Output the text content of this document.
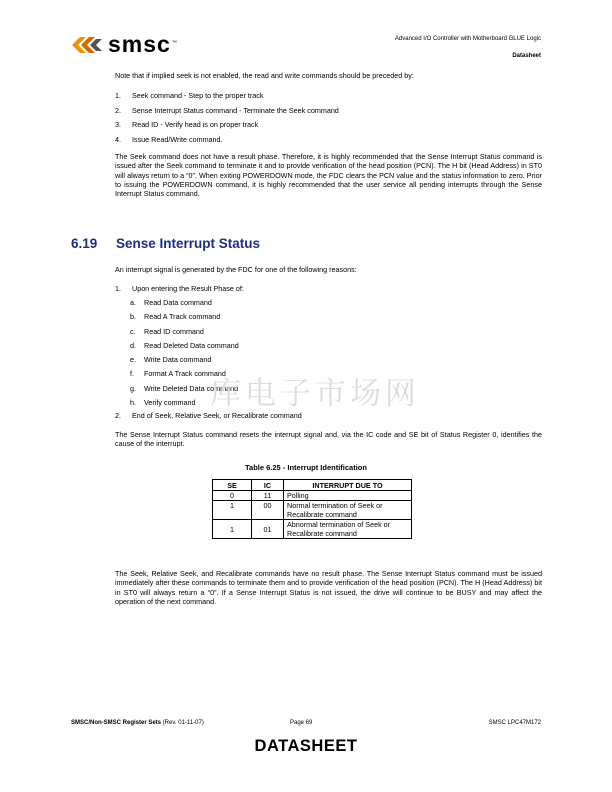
smsc ™
Advanced I/O Controller with Motherboard GLUE Logic
Datasheet
Note that if implied seek is not enabled, the read and write commands should be preceded by:
1.	Seek command - Step to the proper track
2.	Sense Interrupt Status command - Terminate the Seek command
3.	Read ID - Verify head is on proper track
4.	Issue Read/Write command.
The Seek command does not have a result phase. Therefore, it is highly recommended that the Sense Interrupt Status command is issued after the Seek command to terminate it and to provide verification of the head position (PCN). The H bit (Head Address) in ST0 will always return to a “0”. When exiting POWERDOWN mode, the FDC clears the PCN value and the status information to zero. Prior to issuing the POWERDOWN command, it is highly recommended that the user service all pending interrupts through the Sense Interrupt Status command.
6.19	Sense Interrupt Status
An interrupt signal is generated by the FDC for one of the following reasons:
1.	Upon entering the Result Phase of:
a.	Read Data command
b.	Read A Track command
c.	Read ID command
d.	Read Deleted Data command
e.	Write Data command
f.	Format A Track command
g.	Write Deleted Data command
h.	Verify command
2.	End of Seek, Relative Seek, or Recalibrate command
库电子市场网
The Sense Interrupt Status command resets the interrupt signal and, via the IC code and SE bit of Status Register 0, identifies the cause of the interrupt.
Table 6.25 - Interrupt Identification
SE	IC	INTERRUPT DUE TO
0	11	Polling
1	00	Normal termination of Seek or Recalibrate command
1	01	Abnormal termination of Seek or Recalibrate command
The Seek, Relative Seek, and Recalibrate commands have no result phase. The Sense Interrupt Status command must be issued immediately after these commands to terminate them and to provide verification of the head position (PCN). The H (Head Address) bit in ST0 will always return a “0”. If a Sense Interrupt Status is not issued, the drive will continue to be BUSY and may affect the operation of the next command.
SMSC/Non-SMSC Register Sets (Rev. 01-11-07)	Page 69	SMSC LPC47M172
DATASHEET
